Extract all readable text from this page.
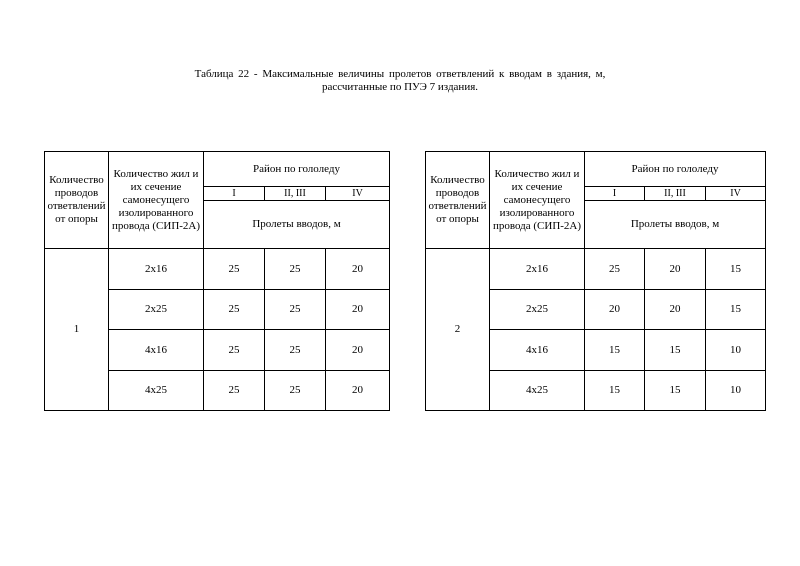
Таблица 22 - Максимальные величины пролетов ответвлений к вводам в здания, м,
рассчитанные по ПУЭ 7 издания.
Количество проводов ответвлений от опоры	Количество жил и их сечение самонесущего изолированного провода (СИП-2А)	Район по гололеду		
		I	II, III	IV
		Пролеты вводов, м		
1	2х16	25	25	20
	2х25	25	25	20
	4х16	25	25	20
	4х25	25	25	20
Количество проводов ответвлений от опоры	Количество жил и их сечение самонесущего изолированного провода (СИП-2А)	Район по гололеду		
		I	II, III	IV
		Пролеты вводов, м		
2	2х16	25	20	15
	2х25	20	20	15
	4х16	15	15	10
	4х25	15	15	10
